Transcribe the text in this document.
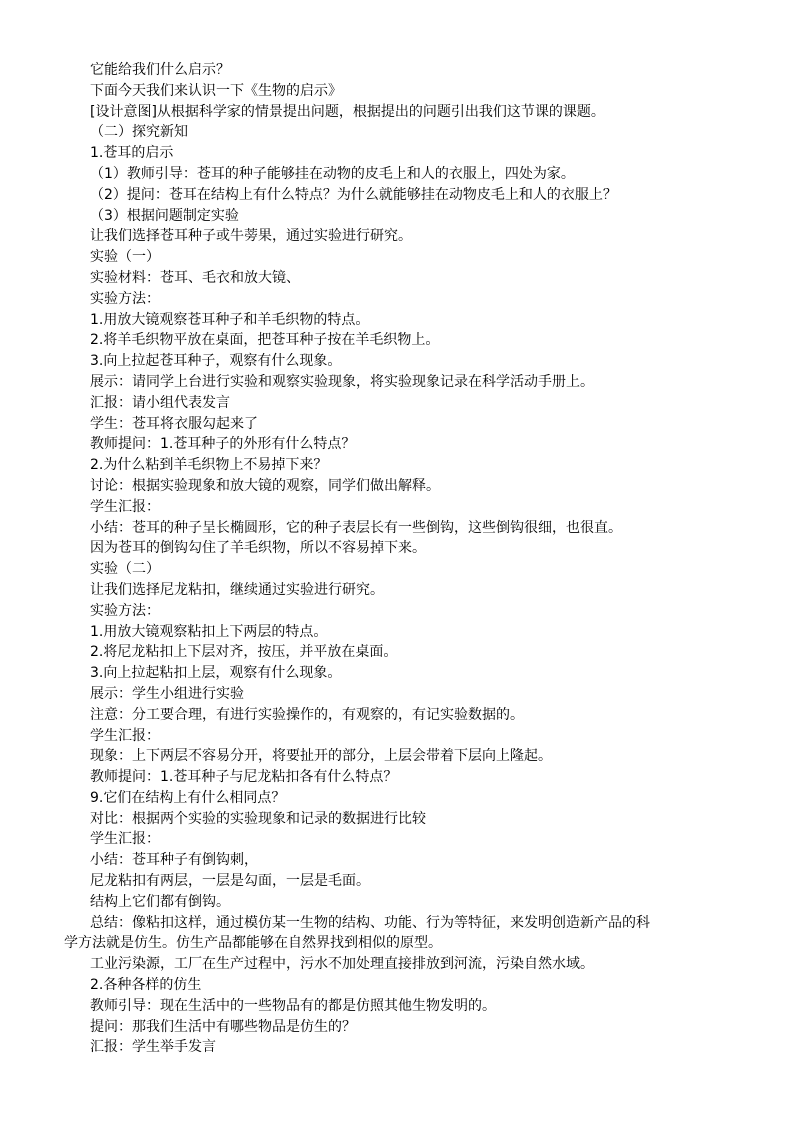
它能给我们什么启示？
下面今天我们来认识一下《生物的启示》
[设计意图]从根据科学家的情景提出问题，根据提出的问题引出我们这节课的课题。
（二）探究新知
1.苍耳的启示
（1）教师引导：苍耳的种子能够挂在动物的皮毛上和人的衣服上，四处为家。
（2）提问：苍耳在结构上有什么特点？为什么就能够挂在动物皮毛上和人的衣服上？
（3）根据问题制定实验
让我们选择苍耳种子或牛蒡果，通过实验进行研究。
实验（一）
实验材料：苍耳、毛衣和放大镜、
实验方法：
1.用放大镜观察苍耳种子和羊毛织物的特点。
2.将羊毛织物平放在桌面，把苍耳种子按在羊毛织物上。
3.向上拉起苍耳种子，观察有什么现象。
展示：请同学上台进行实验和观察实验现象，将实验现象记录在科学活动手册上。
汇报：请小组代表发言
学生：苍耳将衣服勾起来了
教师提问：1.苍耳种子的外形有什么特点？
2.为什么粘到羊毛织物上不易掉下来？
讨论：根据实验现象和放大镜的观察，同学们做出解释。
学生汇报：
小结：苍耳的种子呈长椭圆形，它的种子表层长有一些倒钩，这些倒钩很细，也很直。
因为苍耳的倒钩勾住了羊毛织物，所以不容易掉下来。
实验（二）
让我们选择尼龙粘扣，继续通过实验进行研究。
实验方法：
1.用放大镜观察粘扣上下两层的特点。
2.将尼龙粘扣上下层对齐，按压，并平放在桌面。
3.向上拉起粘扣上层，观察有什么现象。
展示：学生小组进行实验
注意：分工要合理，有进行实验操作的，有观察的，有记实验数据的。
学生汇报：
现象：上下两层不容易分开，将要扯开的部分，上层会带着下层向上隆起。
教师提问：1.苍耳种子与尼龙粘扣各有什么特点？
9.它们在结构上有什么相同点？
对比：根据两个实验的实验现象和记录的数据进行比较
学生汇报：
小结：苍耳种子有倒钩刺，
尼龙粘扣有两层，一层是勾面，一层是毛面。
结构上它们都有倒钩。
总结：像粘扣这样，通过模仿某一生物的结构、功能、行为等特征，来发明创造新产品的科
学方法就是仿生。仿生产品都能够在自然界找到相似的原型。
工业污染源，工厂在生产过程中，污水不加处理直接排放到河流，污染自然水域。
2.各种各样的仿生
教师引导：现在生活中的一些物品有的都是仿照其他生物发明的。
提问：那我们生活中有哪些物品是仿生的？
汇报：学生举手发言
